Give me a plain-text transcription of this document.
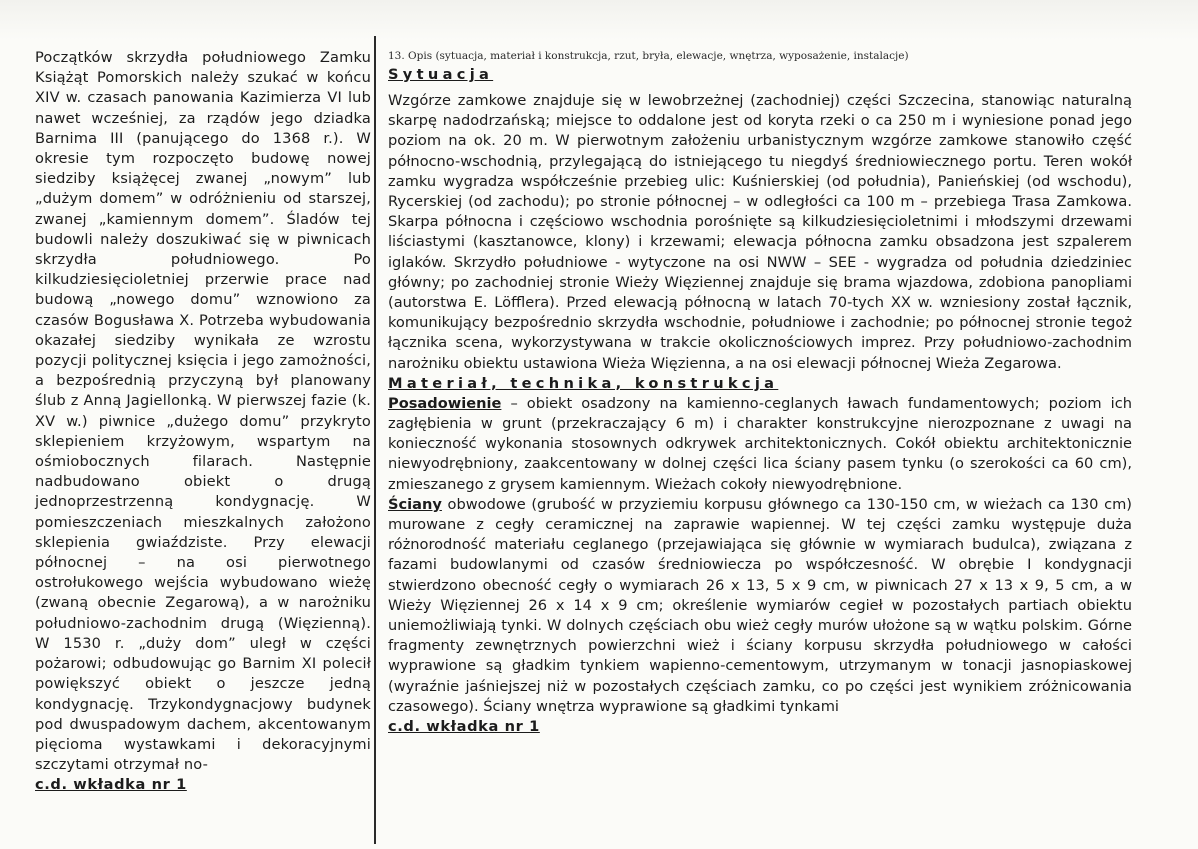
Początków skrzydła południowego Zamku Książąt Pomorskich należy szukać w końcu XIV w. czasach panowania Kazimierza VI lub nawet wcześniej, za rządów jego dziadka Barnima III (panującego do 1368 r.). W okresie tym rozpoczęto budowę nowej siedziby książęcej zwanej „nowym” lub „dużym domem” w odróżnieniu od starszej, zwanej „kamiennym domem”. Śladów tej budowli należy doszukiwać się w piwnicach skrzydła południowego. Po kilkudziesięcioletniej przerwie prace nad budową „nowego domu” wznowiono za czasów Bogusława X. Potrzeba wybudowania okazałej siedziby wynikała ze wzrostu pozycji politycznej księcia i jego zamożności, a bezpośrednią przyczyną był planowany ślub z Anną Jagiellonką. W pierwszej fazie (k. XV w.) piwnice „dużego domu” przykryto sklepieniem krzyżowym, wspartym na ośmiobocznych filarach. Następnie nadbudowano obiekt o drugą jednoprzestrzenną kondygnację. W pomieszczeniach mieszkalnych założono sklepienia gwiaździste. Przy elewacji północnej – na osi pierwotnego ostrołukowego wejścia wybudowano wieżę (zwaną obecnie Zegarową), a w narożniku południowo-zachodnim drugą (Więzienną). W 1530 r. „duży dom” uległ w części pożarowi; odbudowując go Barnim XI polecił powiększyć obiekt o jeszcze jedną kondygnację. Trzykondygnacjowy budynek pod dwuspadowym dachem, akcentowanym pięcioma wystawkami i dekoracyjnymi szczytami otrzymał no-

c.d. wkładka nr 1
13. Opis (sytuacja, materiał i konstrukcja, rzut, bryła, elewacje, wnętrza, wyposażenie, instalacje)
Sytuacja

Wzgórze zamkowe znajduje się w lewobrzeżnej (zachodniej) części Szczecina, stanowiąc naturalną skarpę nadodrzańską; miejsce to oddalone jest od koryta rzeki o ca 250 m i wyniesione ponad jego poziom na ok. 20 m. W pierwotnym założeniu urbanistycznym wzgórze zamkowe stanowiło część północno-wschodnią, przylegającą do istniejącego tu niegdyś średniowiecznego portu. Teren wokół zamku wygradza współcześnie przebieg ulic: Kuśnierskiej (od południa), Panieńskiej (od wschodu), Rycerskiej (od zachodu); po stronie północnej – w odległości ca 100 m – przebiega Trasa Zamkowa. Skarpa północna i częściowo wschodnia porośnięte są kilkudziesięcioletnimi i młodszymi drzewami liściastymi (kasztanowce, klony) i krzewami; elewacja północna zamku obsadzona jest szpalerem iglaków. Skrzydło południowe - wytyczone na osi NWW – SEE - wygradza od południa dziedziniec główny; po zachodniej stronie Wieży Więziennej znajduje się brama wjazdowa, zdobiona panopliami (autorstwa E. Löfflera). Przed elewacją północną w latach 70-tych XX w. wzniesiony został łącznik, komunikujący bezpośrednio skrzydła wschodnie, południowe i zachodnie; po północnej stronie tegoż łącznika scena, wykorzystywana w trakcie okolicznościowych imprez. Przy południowo-zachodnim narożniku obiektu ustawiona Wieża Więzienna, a na osi elewacji północnej Wieża Zegarowa.

Materiał, technika, konstrukcja

Posadowienie – obiekt osadzony na kamienno-ceglanych ławach fundamentowych; poziom ich zagłębienia w grunt (przekraczający 6 m) i charakter konstrukcyjne nierozpoznane z uwagi na konieczność wykonania stosownych odkrywek architektonicznych. Cokół obiektu architektonicznie niewyodrębniony, zaakcentowany w dolnej części lica ściany pasem tynku (o szerokości ca 60 cm), zmieszanego z grysem kamiennym. Wieżach cokoły niewyodrębnione.

Ściany obwodowe (grubość w przyziemiu korpusu głównego ca 130-150 cm, w wieżach ca 130 cm) murowane z cegły ceramicznej na zaprawie wapiennej. W tej części zamku występuje duża różnorodność materiału ceglanego (przejawiająca się głównie w wymiarach budulca), związana z fazami budowlanymi od czasów średniowiecza po współczesność. W obrębie I kondygnacji stwierdzono obecność cegły o wymiarach 26 x 13, 5 x 9 cm, w piwnicach 27 x 13 x 9, 5 cm, a w Wieży Więziennej 26 x 14 x 9 cm; określenie wymiarów cegieł w pozostałych partiach obiektu uniemożliwiają tynki. W dolnych częściach obu wież cegły murów ułożone są w wątku polskim. Górne fragmenty zewnętrznych powierzchni wież i ściany korpusu skrzydła południowego w całości wyprawione są gładkim tynkiem wapienno-cementowym, utrzymanym w tonacji jasnopiaskowej (wyraźnie jaśniejszej niż w pozostałych częściach zamku, co po części jest wynikiem zróżnicowania czasowego). Ściany wnętrza wyprawione są gładkimi tynkami

c.d. wkładka nr 1
